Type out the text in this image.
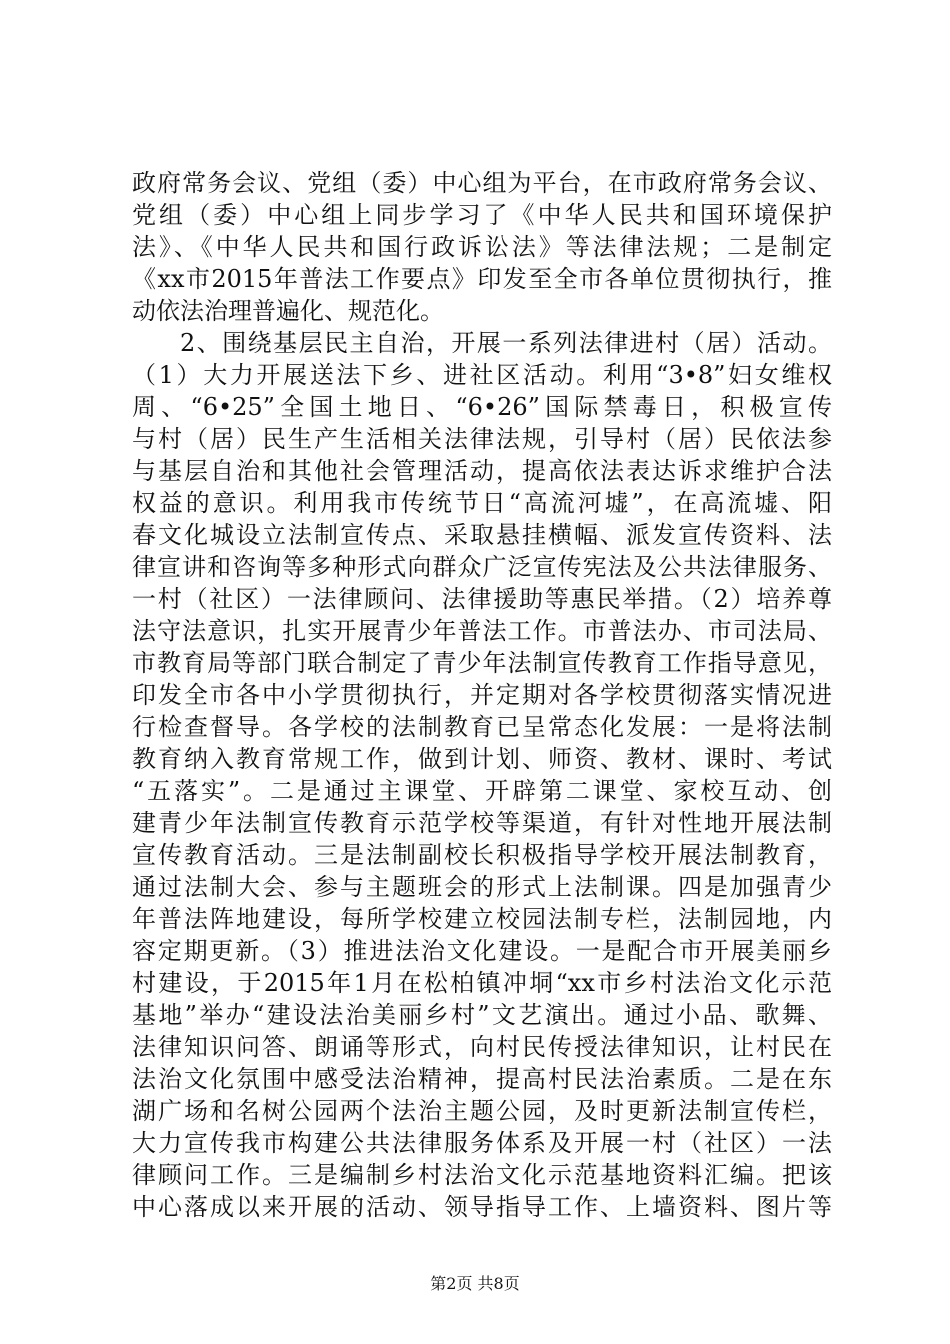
政府常务会议、党组（委）中心组为平台，在市政府常务会议、
党组（委）中心组上同步学习了《中华人民共和国环境保护
法》、《中华人民共和国行政诉讼法》等法律法规；二是制定
《xx市2015年普法工作要点》印发至全市各单位贯彻执行，推
动依法治理普遍化、规范化。
2、围绕基层民主自治，开展一系列法律进村（居）活动。
（1）大力开展送法下乡、进社区活动。利用“3•8”妇女维权
周、“6•25”全国土地日、“6•26”国际禁毒日，积极宣传
与村（居）民生产生活相关法律法规，引导村（居）民依法参
与基层自治和其他社会管理活动，提高依法表达诉求维护合法
权益的意识。利用我市传统节日“高流河墟”，在高流墟、阳
春文化城设立法制宣传点、采取悬挂横幅、派发宣传资料、法
律宣讲和咨询等多种形式向群众广泛宣传宪法及公共法律服务、
一村（社区）一法律顾问、法律援助等惠民举措。（2）培养尊
法守法意识，扎实开展青少年普法工作。市普法办、市司法局、
市教育局等部门联合制定了青少年法制宣传教育工作指导意见，
印发全市各中小学贯彻执行，并定期对各学校贯彻落实情况进
行检查督导。各学校的法制教育已呈常态化发展：一是将法制
教育纳入教育常规工作，做到计划、师资、教材、课时、考试
“五落实”。二是通过主课堂、开辟第二课堂、家校互动、创
建青少年法制宣传教育示范学校等渠道，有针对性地开展法制
宣传教育活动。三是法制副校长积极指导学校开展法制教育，
通过法制大会、参与主题班会的形式上法制课。四是加强青少
年普法阵地建设，每所学校建立校园法制专栏，法制园地，内
容定期更新。（3）推进法治文化建设。一是配合市开展美丽乡
村建设，于2015年1月在松柏镇冲垌“xx市乡村法治文化示范
基地”举办“建设法治美丽乡村”文艺演出。通过小品、歌舞、
法律知识问答、朗诵等形式，向村民传授法律知识，让村民在
法治文化氛围中感受法治精神，提高村民法治素质。二是在东
湖广场和名树公园两个法治主题公园，及时更新法制宣传栏，
大力宣传我市构建公共法律服务体系及开展一村（社区）一法
律顾问工作。三是编制乡村法治文化示范基地资料汇编。把该
中心落成以来开展的活动、领导指导工作、上墙资料、图片等
第2页 共8页
